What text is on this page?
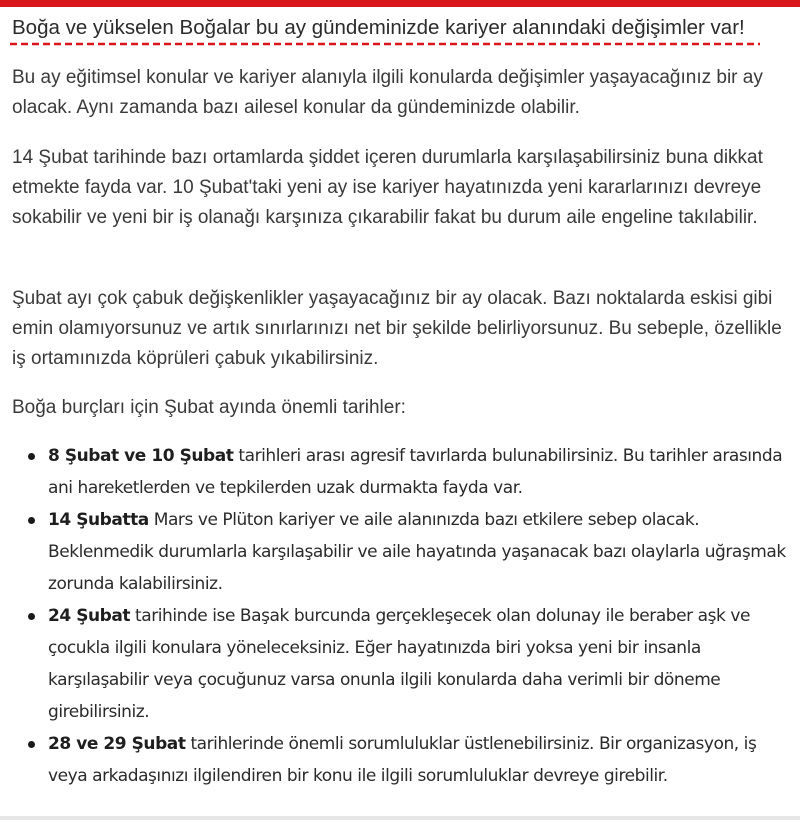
Boğa ve yükselen Boğalar bu ay gündeminizde kariyer alanındaki değişimler var!

Bu ay eğitimsel konular ve kariyer alanıyla ilgili konularda değişimler yaşayacağınız bir ay olacak. Aynı zamanda bazı ailesel konular da gündeminizde olabilir.

14 Şubat tarihinde bazı ortamlarda şiddet içeren durumlarla karşılaşabilirsiniz buna dikkat etmekte fayda var. 10 Şubat'taki yeni ay ise kariyer hayatınızda yeni kararlarınızı devreye sokabilir ve yeni bir iş olanağı karşınıza çıkarabilir fakat bu durum aile engeline takılabilir.

Şubat ayı çok çabuk değişkenlikler yaşayacağınız bir ay olacak. Bazı noktalarda eskisi gibi emin olamıyorsunuz ve artık sınırlarınızı net bir şekilde belirliyorsunuz. Bu sebeple, özellikle iş ortamınızda köprüleri çabuk yıkabilirsiniz.

Boğa burçları için Şubat ayında önemli tarihler:

8 Şubat ve 10 Şubat tarihleri arası agresif tavırlarda bulunabilirsiniz. Bu tarihler arasında ani hareketlerden ve tepkilerden uzak durmakta fayda var.
14 Şubatta Mars ve Plüton kariyer ve aile alanınızda bazı etkilere sebep olacak. Beklenmedik durumlarla karşılaşabilir ve aile hayatında yaşanacak bazı olaylarla uğraşmak zorunda kalabilirsiniz.
24 Şubat tarihinde ise Başak burcunda gerçekleşecek olan dolunay ile beraber aşk ve çocukla ilgili konulara yöneleceksiniz. Eğer hayatınızda biri yoksa yeni bir insanla karşılaşabilir veya çocuğunuz varsa onunla ilgili konularda daha verimli bir döneme girebilirsiniz.
28 ve 29 Şubat tarihlerinde önemli sorumluluklar üstlenebilirsiniz. Bir organizasyon, iş veya arkadaşınızı ilgilendiren bir konu ile ilgili sorumluluklar devreye girebilir.
